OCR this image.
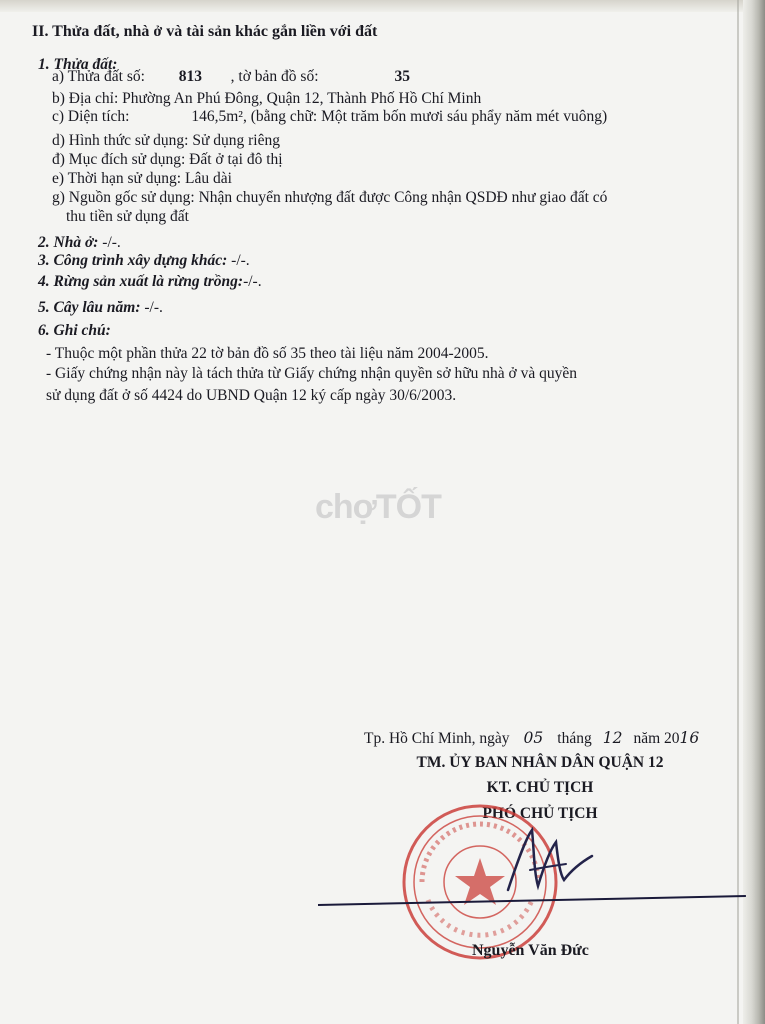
II. Thửa đất, nhà ở và tài sản khác gắn liền với đất
1. Thửa đất:
a) Thửa đất số: 813 , tờ bản đồ số:	35
b) Địa chỉ: Phường An Phú Đông, Quận 12, Thành Phố Hồ Chí Minh
c) Diện tích:	146,5m², (bằng chữ: Một trăm bốn mươi sáu phẩy năm mét vuông)
d) Hình thức sử dụng: Sử dụng riêng
đ) Mục đích sử dụng: Đất ở tại đô thị
e) Thời hạn sử dụng: Lâu dài
g) Nguồn gốc sử dụng: Nhận chuyển nhượng đất được Công nhận QSDĐ như giao đất có
thu tiền sử dụng đất
2. Nhà ở: -/-.
3. Công trình xây dựng khác: -/-.
4. Rừng sản xuất là rừng trồng:-/-.
5. Cây lâu năm: -/-.
6. Ghi chú:
- Thuộc một phần thửa 22 tờ bản đồ số 35 theo tài liệu năm 2004-2005.
- Giấy chứng nhận này là tách thửa từ Giấy chứng nhận quyền sở hữu nhà ở và quyền
sử dụng đất ở số 4424 do UBND Quận 12 ký cấp ngày 30/6/2003.
chợTỐT
Tp. Hồ Chí Minh, ngày 05 tháng 12 năm 2016
TM. ỦY BAN NHÂN DÂN QUẬN 12
KT. CHỦ TỊCH
PHÓ CHỦ TỊCH
Nguyễn Văn Đức
